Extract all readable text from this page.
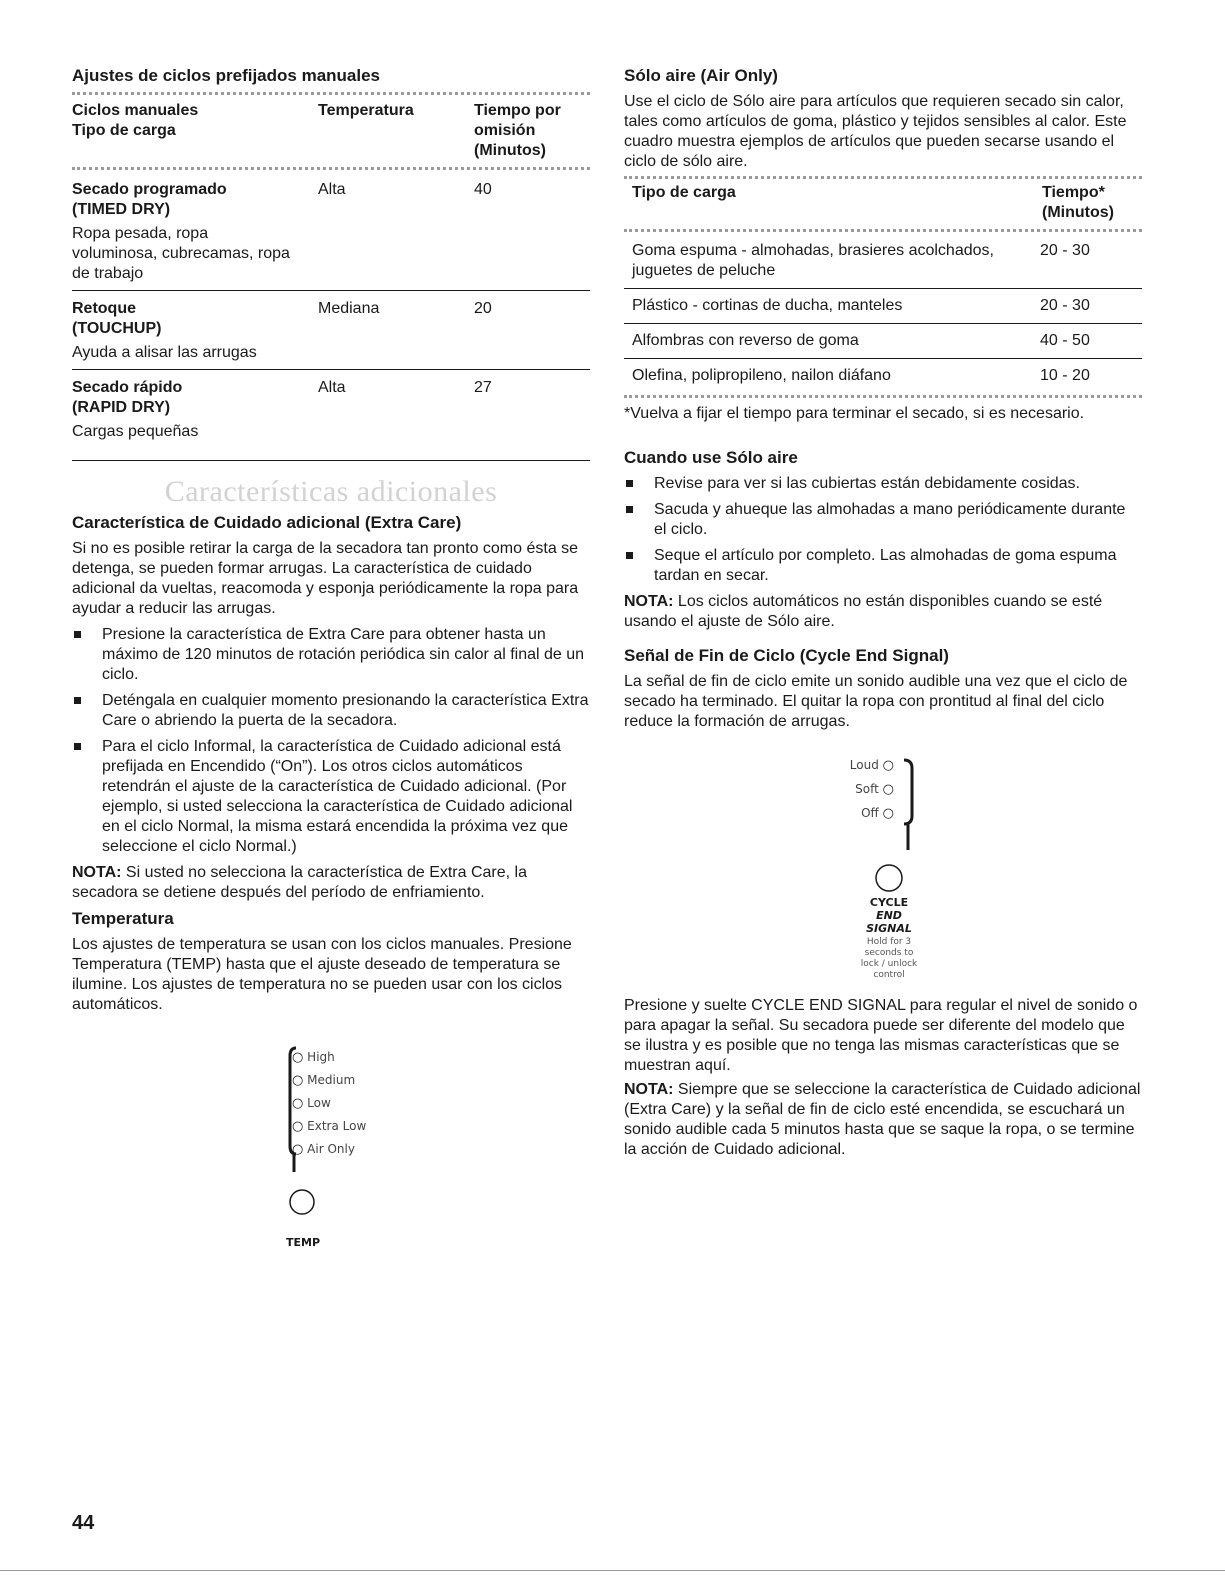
Ajustes de ciclos prefijados manuales
Ciclos manuales
Tipo de carga
	Temperatura	Tiempo por
omisión
(Minutos)
Secado programado
(TIMED DRY)
Ropa pesada, ropa voluminosa, cubrecamas, ropa de trabajo	Alta	40

Retoque
(TOUCHUP)
Ayuda a alisar las arrugas	Mediana	20

Secado rápido
(RAPID DRY)
Cargas pequeñas	Alta	27
Características adicionales
Característica de Cuidado adicional (Extra Care)

Si no es posible retirar la carga de la secadora tan pronto como ésta se detenga, se pueden formar arrugas. La característica de cuidado adicional da vueltas, reacomoda y esponja periódicamente la ropa para ayudar a reducir las arrugas.

Presione la característica de Extra Care para obtener hasta un máximo de 120 minutos de rotación periódica sin calor al final de un ciclo.
Deténgala en cualquier momento presionando la característica Extra Care o abriendo la puerta de la secadora.
Para el ciclo Informal, la característica de Cuidado adicional está prefijada en Encendido (“On”). Los otros ciclos automáticos retendrán el ajuste de la característica de Cuidado adicional. (Por ejemplo, si usted selecciona la característica de Cuidado adicional en el ciclo Normal, la misma estará encendida la próxima vez que seleccione el ciclo Normal.)

NOTA: Si usted no selecciona la característica de Extra Care, la secadora se detiene después del período de enfriamiento.

Temperatura

Los ajustes de temperatura se usan con los ciclos manuales. Presione Temperatura (TEMP) hasta que el ajuste deseado de temperatura se ilumine. Los ajustes de temperatura no se pueden usar con los ciclos automáticos.

○ High
○ Medium
○ Low
○ Extra Low
○ Air Only
TEMP
Sólo aire (Air Only)

Use el ciclo de Sólo aire para artículos que requieren secado sin calor, tales como artículos de goma, plástico y tejidos sensibles al calor. Este cuadro muestra ejemplos de artículos que pueden secarse usando el ciclo de sólo aire.

Tipo de carga	Tiempo*
(Minutos)
Goma espuma - almohadas, brasieres acolchados, juguetes de peluche	20 - 30
Plástico - cortinas de ducha, manteles	20 - 30
Alfombras con reverso de goma	40 - 50
Olefina, polipropileno, nailon diáfano	10 - 20

*Vuelva a fijar el tiempo para terminar el secado, si es necesario.

Cuando use Sólo aire
Revise para ver si las cubiertas están debidamente cosidas.
Sacuda y ahueque las almohadas a mano periódicamente durante el ciclo.
Seque el artículo por completo. Las almohadas de goma espuma tardan en secar.

NOTA: Los ciclos automáticos no están disponibles cuando se esté usando el ajuste de Sólo aire.

Señal de Fin de Ciclo (Cycle End Signal)

La señal de fin de ciclo emite un sonido audible una vez que el ciclo de secado ha terminado. El quitar la ropa con prontitud al final del ciclo reduce la formación de arrugas.

Loud ○
Soft ○
Off ○
CYCLE
END
SIGNAL
Hold for 3
seconds to
lock / unlock
control

Presione y suelte CYCLE END SIGNAL para regular el nivel de sonido o para apagar la señal. Su secadora puede ser diferente del modelo que se ilustra y es posible que no tenga las mismas características que se muestran aquí.

NOTA: Siempre que se seleccione la característica de Cuidado adicional (Extra Care) y la señal de fin de ciclo esté encendida, se escuchará un sonido audible cada 5 minutos hasta que se saque la ropa, o se termine la acción de Cuidado adicional.

44
